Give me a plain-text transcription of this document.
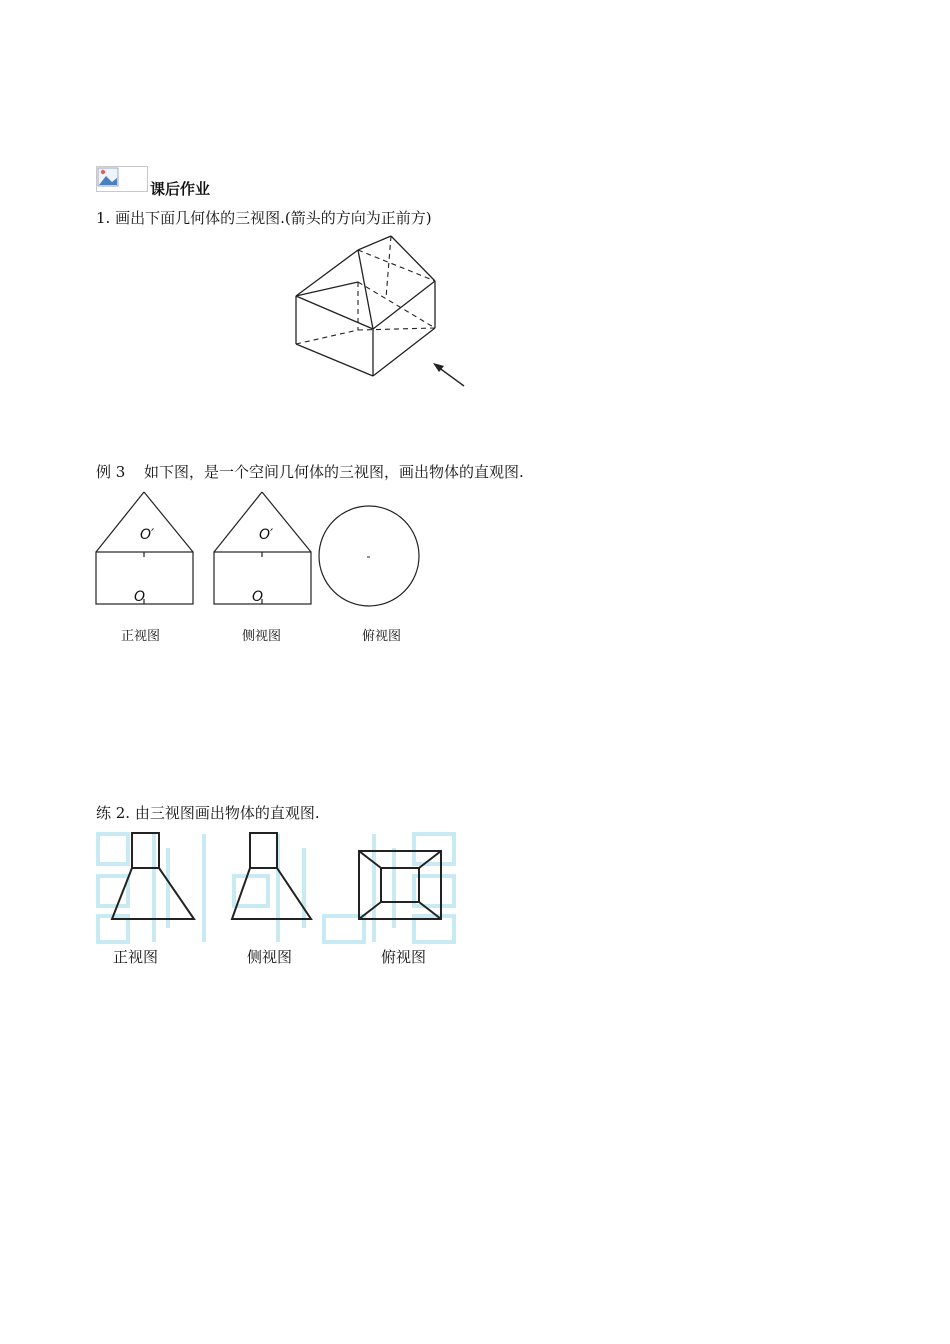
课后作业
1. 画出下面几何体的三视图.(箭头的方向为正前方)
例 3 如下图，是一个空间几何体的三视图，画出物体的直观图.
O′
O
O′
O
正视图	侧视图	俯视图
练 2. 由三视图画出物体的直观图.
正视图	侧视图	俯视图
